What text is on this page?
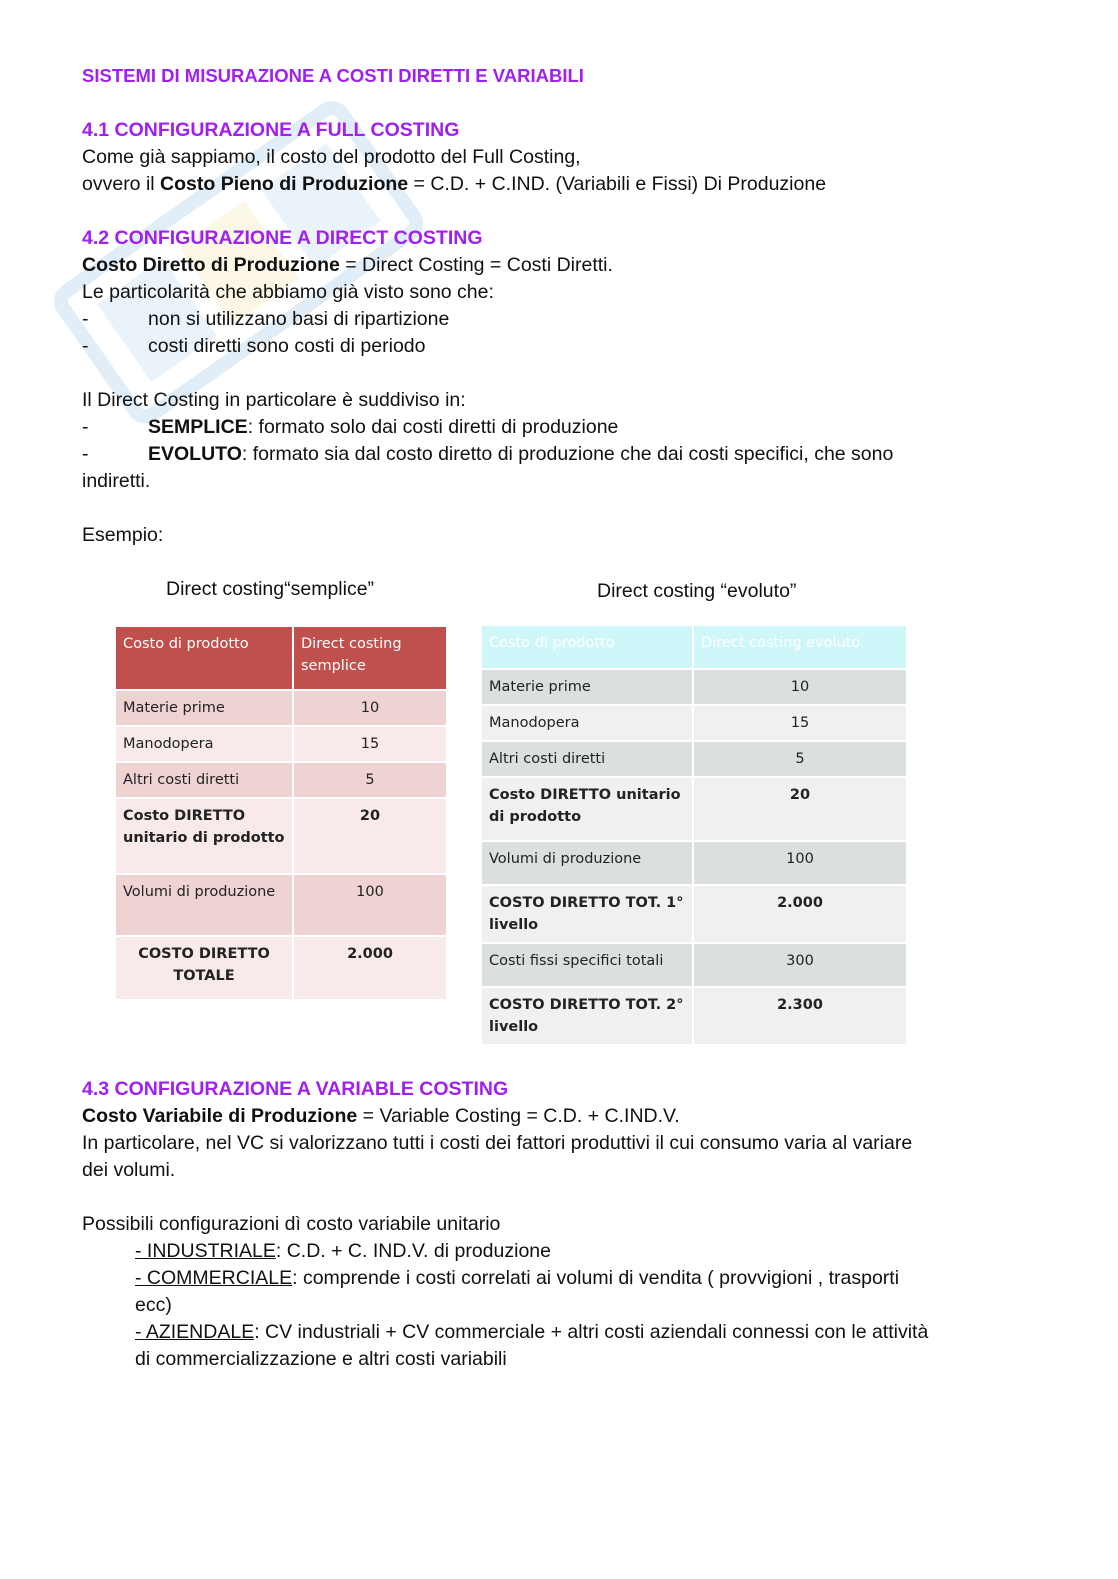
SISTEMI DI MISURAZIONE A COSTI DIRETTI E VARIABILI
4.1 CONFIGURAZIONE A FULL COSTING

Come già sappiamo, il costo del prodotto del Full Costing,

ovvero il Costo Pieno di Produzione = C.D. + C.IND. (Variabili e Fissi) Di Produzione

4.2 CONFIGURAZIONE A DIRECT COSTING

Costo Diretto di Produzione = Direct Costing = Costi Diretti.

Le particolarità che abbiamo già visto sono che:

-	non si utilizzano basi di ripartizione
-	costi diretti sono costi di periodo

Il Direct Costing in particolare è suddiviso in:

-	SEMPLICE: formato solo dai costi diretti di produzione
-	EVOLUTO: formato sia dal costo diretto di produzione che dai costi specifici, che sono

indiretti.

Esempio:

Direct costing“semplice”	Direct costing “evoluto”
Costo di prodotto	Direct costing semplice
Materie prime	10
Manodopera	15
Altri costi diretti	5
Costo DIRETTO unitario di prodotto	20
Volumi di produzione	100
COSTO DIRETTO TOTALE	2.000
Costo di prodotto	Direct costing evoluto
Materie prime	10
Manodopera	15
Altri costi diretti	5
Costo DIRETTO unitario di prodotto	20
Volumi di produzione	100
COSTO DIRETTO TOT. 1° livello	2.000
Costi fissi specifici totali	300
COSTO DIRETTO TOT. 2° livello	2.300
4.3 CONFIGURAZIONE A VARIABLE COSTING

Costo Variabile di Produzione = Variable Costing = C.D. + C.IND.V.

In particolare, nel VC si valorizzano tutti i costi dei fattori produttivi il cui consumo varia al variare

dei volumi.

Possibili configurazioni dì costo variabile unitario

- INDUSTRIALE: C.D. + C. IND.V. di produzione

- COMMERCIALE: comprende i costi correlati ai volumi di vendita ( provvigioni , trasporti

ecc)

- AZIENDALE: CV industriali + CV commerciale + altri costi aziendali connessi con le attività

di commercializzazione e altri costi variabili
